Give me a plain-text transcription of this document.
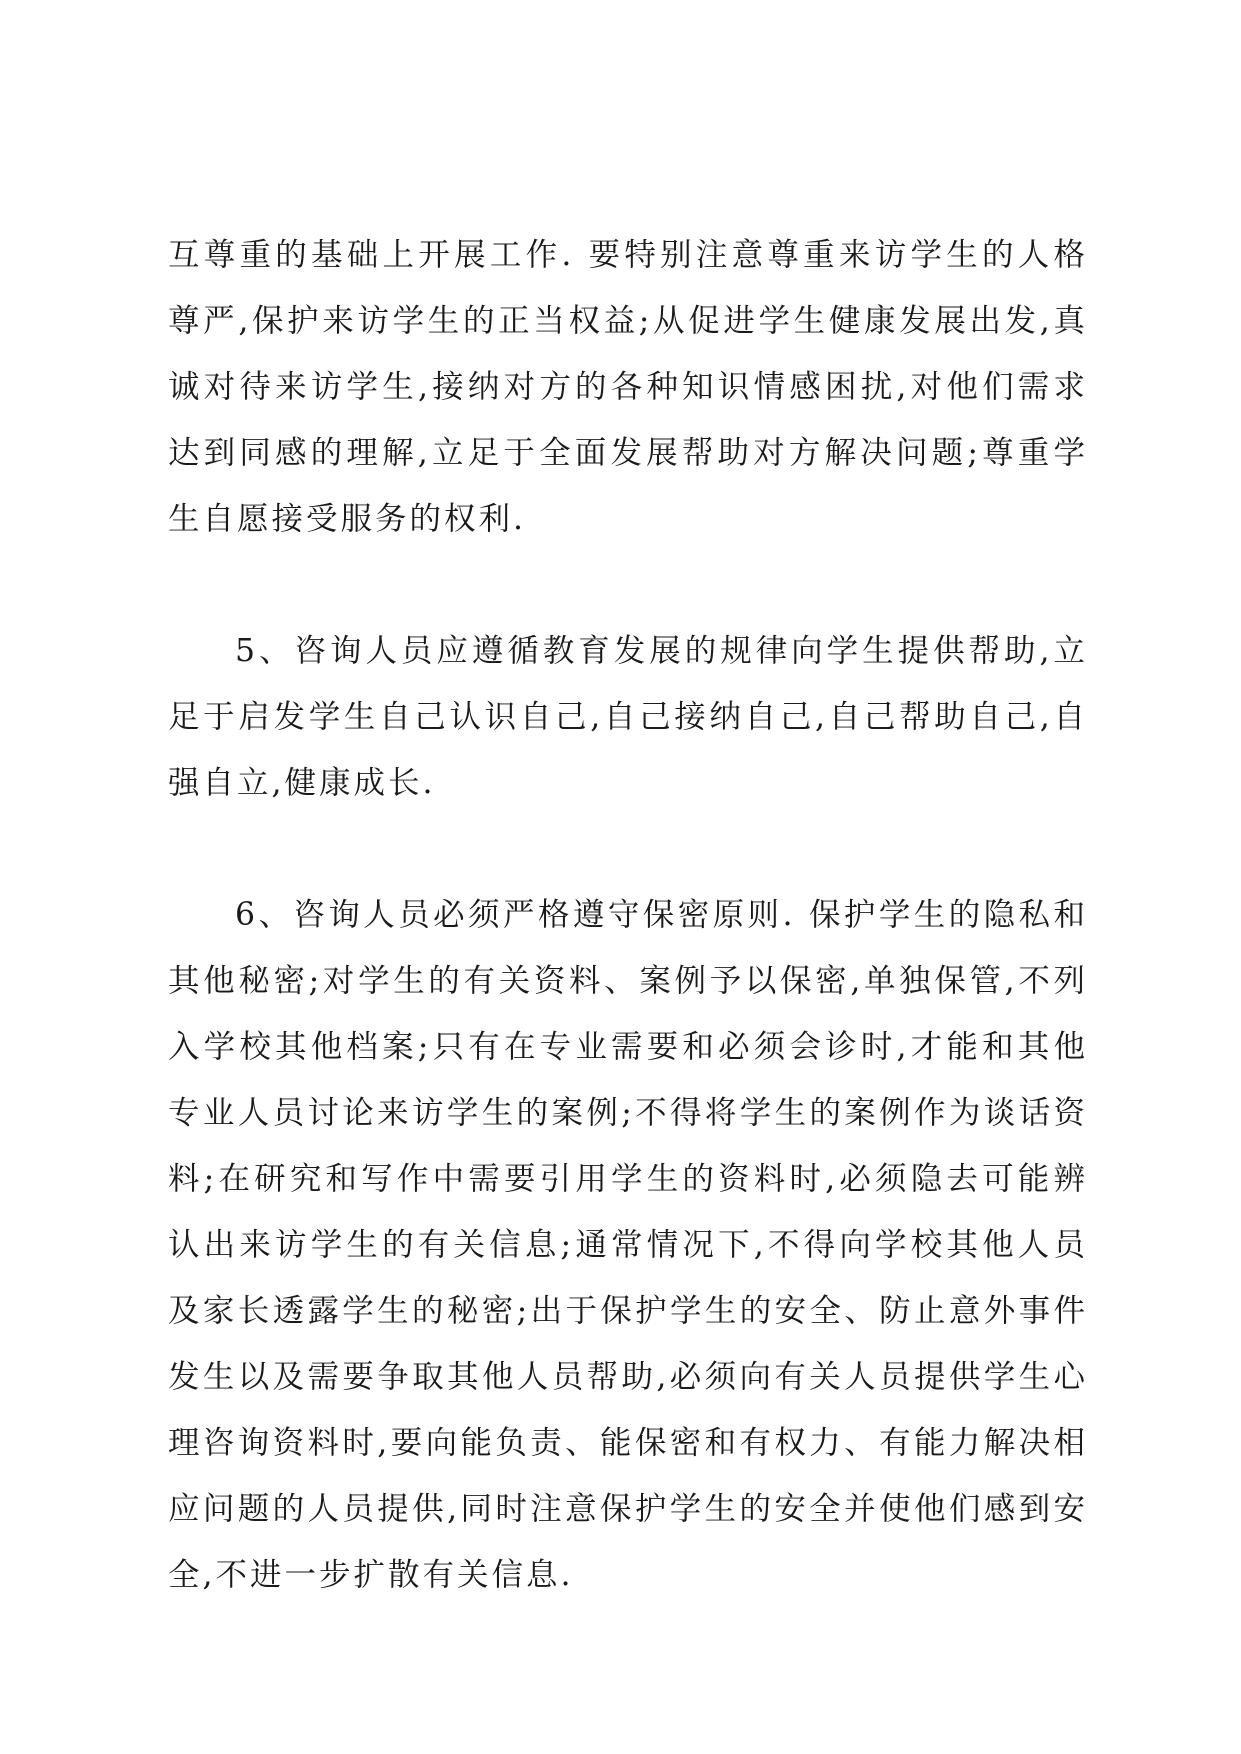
互尊重的基础上开展工作. 要特别注意尊重来访学生的人格尊严,保护来访学生的正当权益;从促进学生健康发展出发,真诚对待来访学生,接纳对方的各种知识情感困扰,对他们需求达到同感的理解,立足于全面发展帮助对方解决问题;尊重学生自愿接受服务的权利.

5、咨询人员应遵循教育发展的规律向学生提供帮助,立足于启发学生自己认识自己,自己接纳自己,自己帮助自己,自强自立,健康成长.

6、咨询人员必须严格遵守保密原则. 保护学生的隐私和其他秘密;对学生的有关资料、案例予以保密,单独保管,不列入学校其他档案;只有在专业需要和必须会诊时,才能和其他专业人员讨论来访学生的案例;不得将学生的案例作为谈话资料;在研究和写作中需要引用学生的资料时,必须隐去可能辨认出来访学生的有关信息;通常情况下,不得向学校其他人员及家长透露学生的秘密;出于保护学生的安全、防止意外事件发生以及需要争取其他人员帮助,必须向有关人员提供学生心理咨询资料时,要向能负责、能保密和有权力、有能力解决相应问题的人员提供,同时注意保护学生的安全并使他们感到安全,不进一步扩散有关信息.
